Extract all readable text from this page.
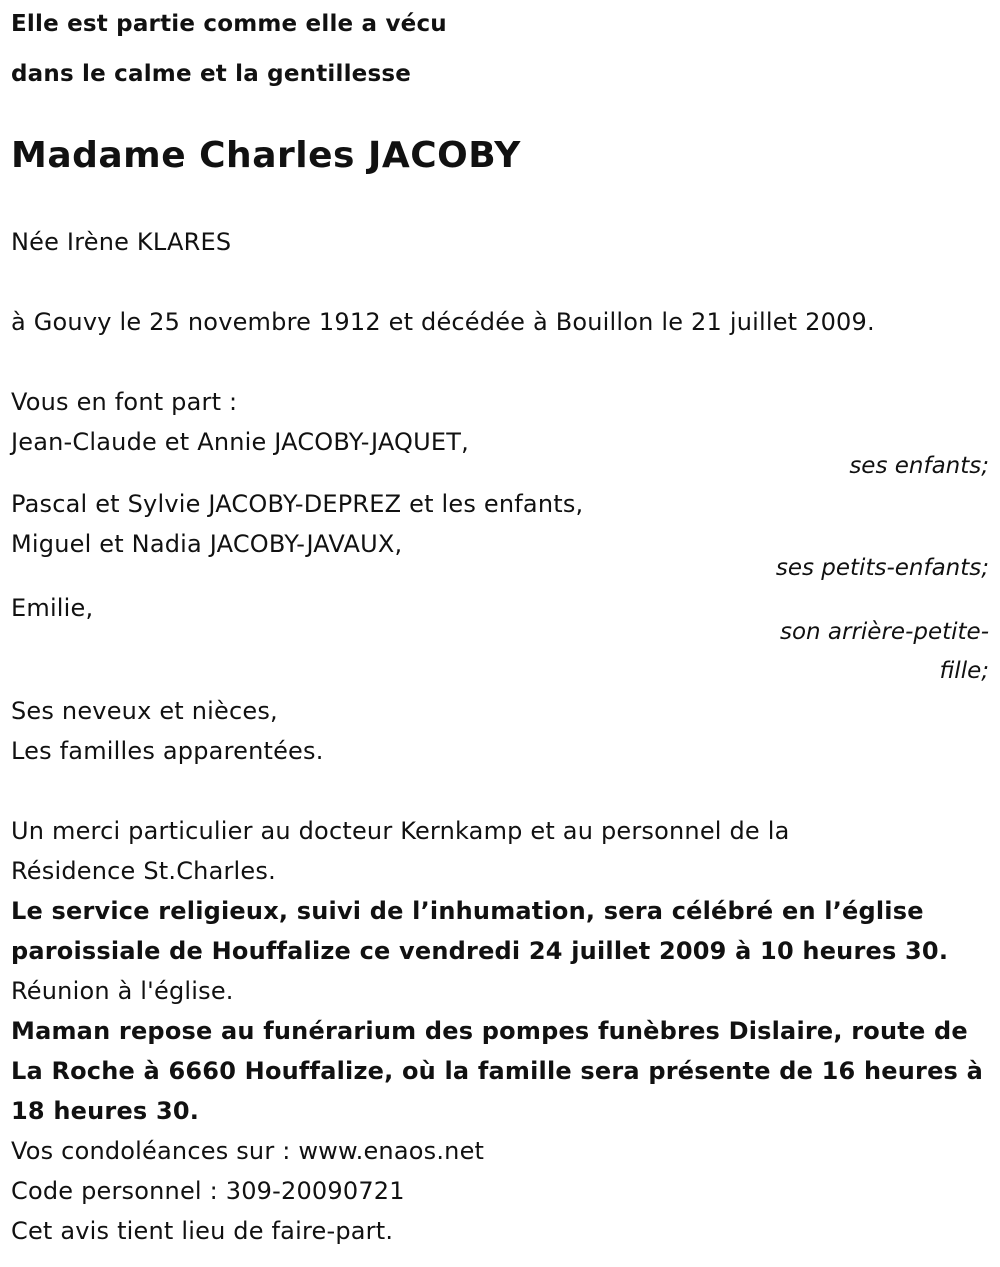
Elle est partie comme elle a vécu
dans le calme et la gentillesse
Madame Charles JACOBY
Née Irène KLARES
à Gouvy le 25 novembre 1912 et décédée à Bouillon le 21 juillet 2009.
Vous en font part :
Jean-Claude et Annie JACOBY-JAQUET,
ses enfants;
Pascal et Sylvie JACOBY-DEPREZ et les enfants,
Miguel et Nadia JACOBY-JAVAUX,
ses petits-enfants;
Emilie,
son arrière-petite-
fille;
Ses neveux et nièces,
Les familles apparentées.
Un merci particulier au docteur Kernkamp et au personnel de la
Résidence St.Charles.
Le service religieux, suivi de l’inhumation, sera célébré en l’église
paroissiale de Houffalize ce vendredi 24 juillet 2009 à 10 heures 30.
Réunion à l'église.
Maman repose au funérarium des pompes funèbres Dislaire, route de
La Roche à 6660 Houffalize, où la famille sera présente de 16 heures à
18 heures 30.
Vos condoléances sur : www.enaos.net
Code personnel : 309-20090721
Cet avis tient lieu de faire-part.
